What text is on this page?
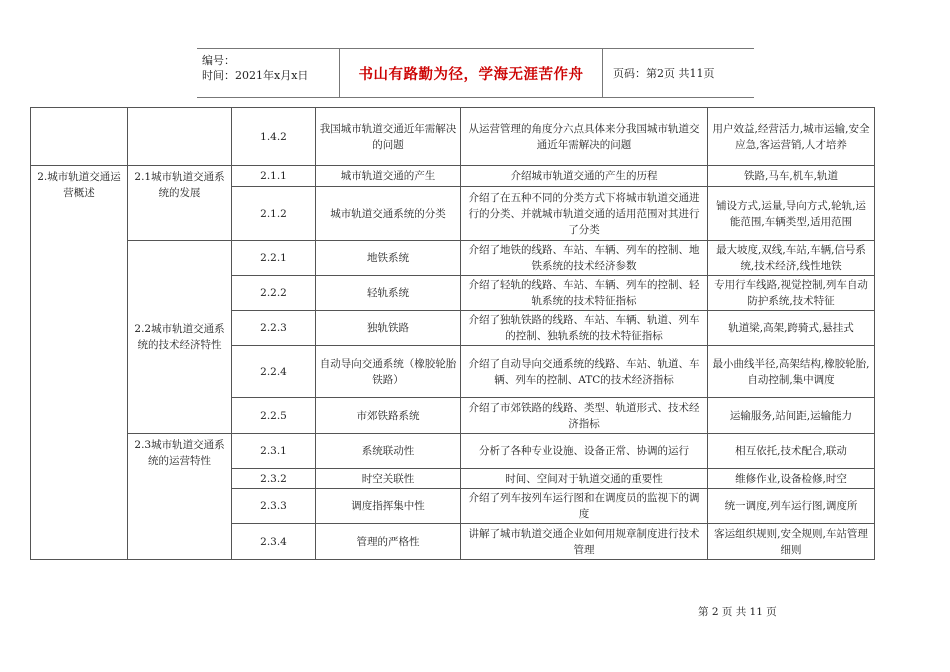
编号：
时间：2021年x月x日	书山有路勤为径，学海无涯苦作舟	页码：第2页 共11页
		1.4.2	我国城市轨道交通近年需解决的问题	从运营管理的角度分六点具体来分我国城市轨道交通近年需解决的问题	用户效益,经营活力,城市运输,安全应急,客运营销,人才培养
2.城市轨道交通运营概述	2.1城市轨道交通系统的发展	2.1.1	城市轨道交通的产生	介绍城市轨道交通的产生的历程	铁路,马车,机车,轨道
		2.1.2	城市轨道交通系统的分类	介绍了在五种不同的分类方式下将城市轨道交通进行的分类、并就城市轨道交通的适用范围对其进行了分类	铺设方式,运量,导向方式,轮轨,运能范围,车辆类型,适用范围
	2.2城市轨道交通系统的技术经济特性	2.2.1	地铁系统	介绍了地铁的线路、车站、车辆、列车的控制、地铁系统的技术经济参数	最大坡度,双线,车站,车辆,信号系统,技术经济,线性地铁
		2.2.2	轻轨系统	介绍了轻轨的线路、车站、车辆、列车的控制、轻轨系统的技术特征指标	专用行车线路,视觉控制,列车自动防护系统,技术特征
		2.2.3	独轨铁路	介绍了独轨铁路的线路、车站、车辆、轨道、列车的控制、独轨系统的技术特征指标	轨道梁,高架,跨骑式,悬挂式
		2.2.4	自动导向交通系统（橡胶轮胎铁路）	介绍了自动导向交通系统的线路、车站、轨道、车辆、列车的控制、ATC的技术经济指标	最小曲线半径,高架结构,橡胶轮胎,自动控制,集中调度
		2.2.5	市郊铁路系统	介绍了市郊铁路的线路、类型、轨道形式、技术经济指标	运输服务,站间距,运输能力
	2.3城市轨道交通系统的运营特性	2.3.1	系统联动性	分析了各种专业设施、设备正常、协调的运行	相互依托,技术配合,联动
		2.3.2	时空关联性	时间、空间对于轨道交通的重要性	维修作业,设备检修,时空
		2.3.3	调度指挥集中性	介绍了列车按列车运行图和在调度员的监视下的调度	统一调度,列车运行图,调度所
		2.3.4	管理的严格性	讲解了城市轨道交通企业如何用规章制度进行技术管理	客运组织规则,安全规则,车站管理细则
第 2 页 共 11 页
